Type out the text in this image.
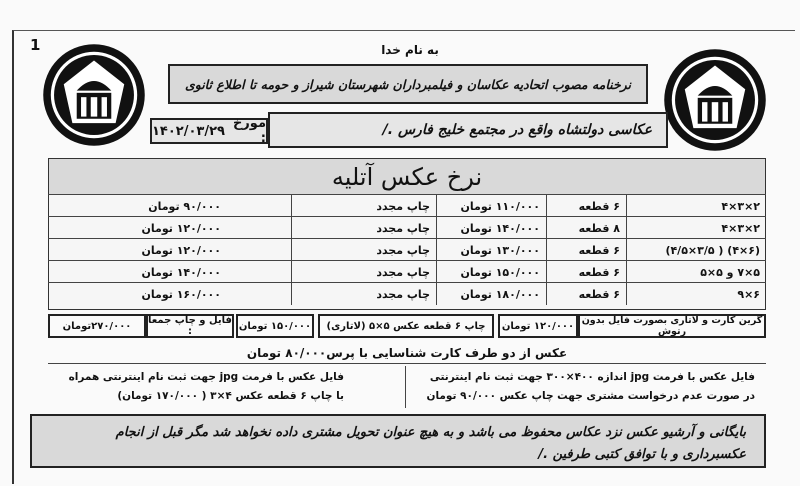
1	به نام خدا
نرخنامه مصوب اتحادیه عکاسان و فیلمبرداران شهرستان شیراز و حومه تا اطلاع ثانوی
مورخ :
۱۴۰۲/۰۳/۲۹	عکاسی دولتشاه واقع در مجتمع خلیج فارس ./
نرخ عکس آتلیه
۲×۳×۴
۶ قطعه
۱۱۰/۰۰۰ تومان
چاپ مجدد
۹۰/۰۰۰ تومان
۲×۳×۴
۸ قطعه
۱۴۰/۰۰۰ تومان
چاپ مجدد
۱۲۰/۰۰۰ تومان
(۶×۴) ( ۳/۵×۴/۵)
۶ قطعه
۱۳۰/۰۰۰ تومان
چاپ مجدد
۱۲۰/۰۰۰ تومان
۵×۷ و ۵×۵
۶ قطعه
۱۵۰/۰۰۰ تومان
چاپ مجدد
۱۴۰/۰۰۰ تومان
۶×۹
۶ قطعه
۱۸۰/۰۰۰ تومان
چاپ مجدد
۱۶۰/۰۰۰ تومان
گرین کارت و لاتاری بصورت فایل بدون رتوش
۱۲۰/۰۰۰ تومان
چاپ ۶ قطعه عکس ۵×۵ (لاتاری)
۱۵۰/۰۰۰ تومان
فایل و چاپ جمعا :
۲۷۰/۰۰۰تومان
عکس از دو طرف کارت شناسایی با پرس۸۰/۰۰۰ تومان
فایل عکس با فرمت jpg اندازه ۴۰۰×۳۰۰ جهت ثبت نام اینترنتی در صورت عدم درخواست مشتری جهت چاپ عکس ۹۰/۰۰۰ تومان
فایل عکس با فرمت jpg جهت ثبت نام اینترنتی همراه با چاپ ۶ قطعه عکس ۴×۳ ( ۱۷۰/۰۰۰ تومان)
بایگانی و آرشیو عکس نزد عکاس محفوظ می باشد و به هیچ عنوان تحویل مشتری داده نخواهد شد مگر قبل از انجام عکسبرداری و با توافق کتبی طرفین ./
